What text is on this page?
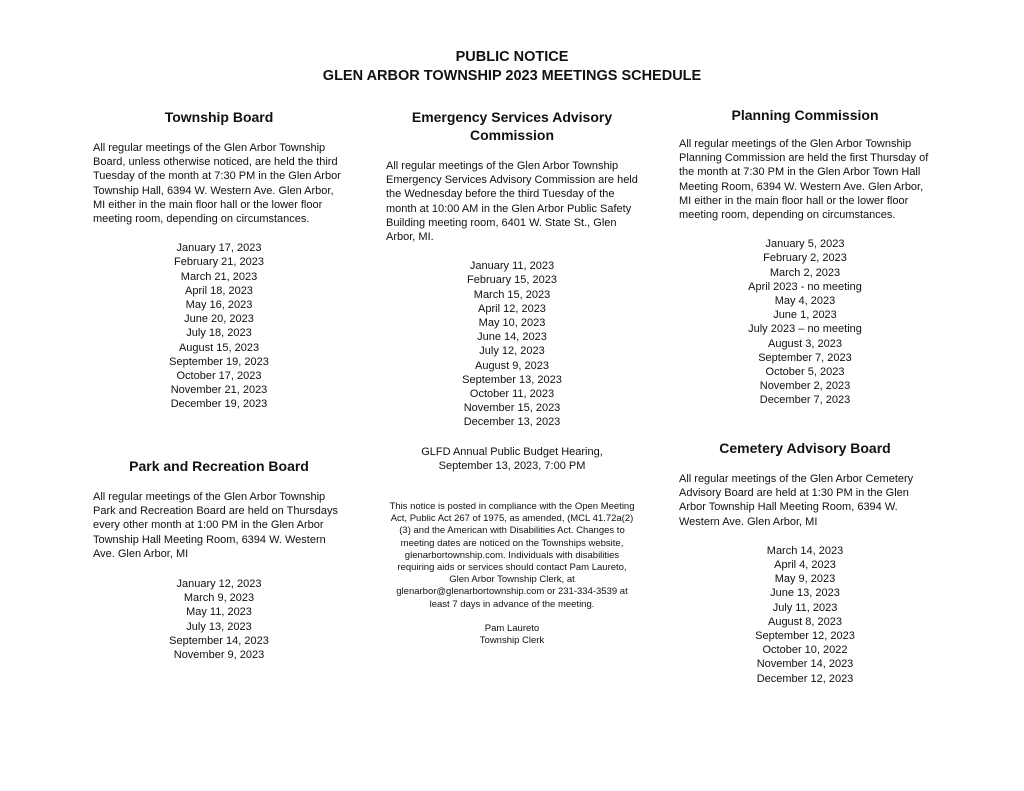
PUBLIC NOTICE
GLEN ARBOR TOWNSHIP 2023 MEETINGS SCHEDULE
Township Board

All regular meetings of the Glen Arbor Township Board, unless otherwise noticed, are held the third Tuesday of the month at 7:30 PM in the Glen Arbor Township Hall, 6394 W. Western Ave. Glen Arbor, MI either in the main floor hall or the lower floor meeting room, depending on circumstances.

January 17, 2023
February 21, 2023
March 21, 2023
April 18, 2023
May 16, 2023
June 20, 2023
July 18, 2023
August 15, 2023
September 19, 2023
October 17, 2023
November 21, 2023
December 19, 2023
Park and Recreation Board

All regular meetings of the Glen Arbor Township Park and Recreation Board are held on Thursdays every other month at 1:00 PM in the Glen Arbor Township Hall Meeting Room, 6394 W. Western Ave. Glen Arbor, MI

January 12, 2023
March 9, 2023
May 11, 2023
July 13, 2023
September 14, 2023
November 9, 2023
Emergency Services Advisory Commission

All regular meetings of the Glen Arbor Township Emergency Services Advisory Commission are held the Wednesday before the third Tuesday of the month at 10:00 AM in the Glen Arbor Public Safety Building meeting room, 6401 W. State St., Glen Arbor, MI.

January 11, 2023
February 15, 2023
March 15, 2023
April 12, 2023
May 10, 2023
June 14, 2023
July 12, 2023
August 9, 2023
September 13, 2023
October 11, 2023
November 15, 2023
December 13, 2023

GLFD Annual Public Budget Hearing,

September 13, 2023, 7:00 PM

This notice is posted in compliance with the Open Meeting Act, Public Act 267 of 1975, as amended, (MCL 41.72a(2)(3) and the American with Disabilities Act. Changes to meeting dates are noticed on the Townships website, glenarbortownship.com. Individuals with disabilities requiring aids or services should contact Pam Laureto, Glen Arbor Township Clerk, at glenarbor@glenarbortownship.com or 231-334-3539 at least 7 days in advance of the meeting.

Pam Laureto

Township Clerk

Planning Commission

All regular meetings of the Glen Arbor Township Planning Commission are held the first Thursday of the month at 7:30 PM in the Glen Arbor Town Hall Meeting Room, 6394 W. Western Ave. Glen Arbor, MI either in the main floor hall or the lower floor meeting room, depending on circumstances.

January 5, 2023
February 2, 2023
March 2, 2023
April 2023 - no meeting
May 4, 2023
June 1, 2023
July 2023 – no meeting
August 3, 2023
September 7, 2023
October 5, 2023
November 2, 2023
December 7, 2023
Cemetery Advisory Board

All regular meetings of the Glen Arbor Cemetery Advisory Board are held at 1:30 PM in the Glen Arbor Township Hall Meeting Room, 6394 W. Western Ave. Glen Arbor, MI

March 14, 2023
April 4, 2023
May 9, 2023
June 13, 2023
July 11, 2023
August 8, 2023
September 12, 2023
October 10, 2022
November 14, 2023
December 12, 2023
